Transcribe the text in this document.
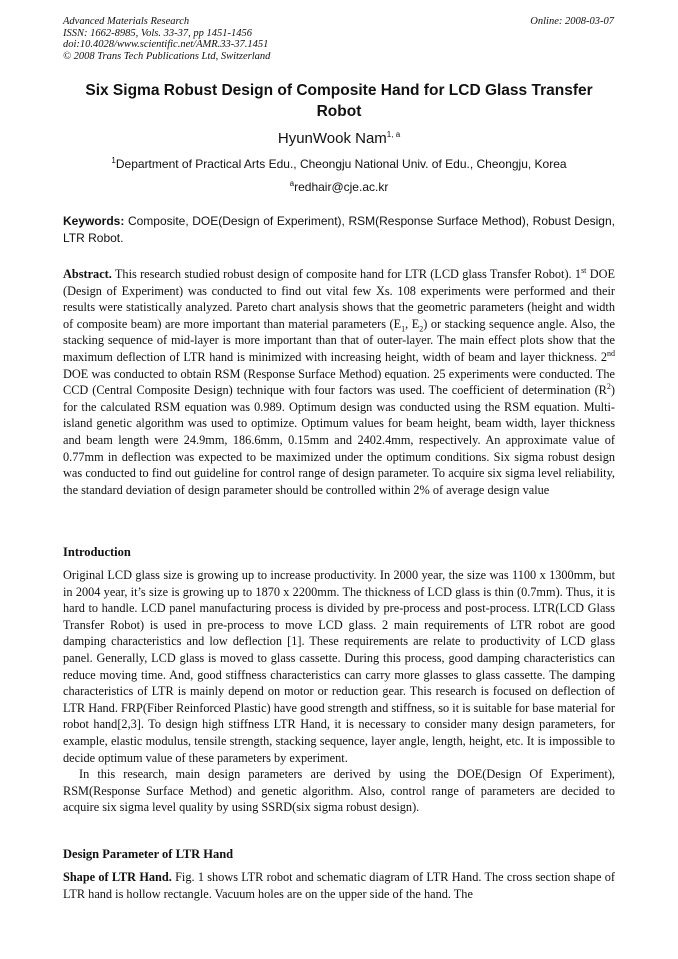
Advanced Materials Research
ISSN: 1662-8985, Vols. 33-37, pp 1451-1456
doi:10.4028/www.scientific.net/AMR.33-37.1451
© 2008 Trans Tech Publications Ltd, Switzerland
Online: 2008-03-07
Six Sigma Robust Design of Composite Hand for LCD Glass Transfer Robot
HyunWook Nam$^{1, a}$
$^1$Department of Practical Arts Edu., Cheongju National Univ. of Edu., Cheongju, Korea
$^a$redhair@cje.ac.kr
Keywords: Composite, DOE(Design of Experiment), RSM(Response Surface Method), Robust Design, LTR Robot.
Abstract. This research studied robust design of composite hand for LTR (LCD glass Transfer Robot). 1st DOE (Design of Experiment) was conducted to find out vital few Xs. 108 experiments were performed and their results were statistically analyzed. Pareto chart analysis shows that the geometric parameters (height and width of composite beam) are more important than material parameters ($E_1$, $E_2$) or stacking sequence angle. Also, the stacking sequence of mid-layer is more important than that of outer-layer. The main effect plots show that the maximum deflection of LTR hand is minimized with increasing height, width of beam and layer thickness. 2nd DOE was conducted to obtain RSM (Response Surface Method) equation. 25 experiments were conducted. The CCD (Central Composite Design) technique with four factors was used. The coefficient of determination $(R^2)$ for the calculated RSM equation was 0.989. Optimum design was conducted using the RSM equation. Multi-island genetic algorithm was used to optimize. Optimum values for beam height, beam width, layer thickness and beam length were 24.9mm, 186.6mm, 0.15mm and 2402.4mm, respectively. An approximate value of 0.77mm in deflection was expected to be maximized under the optimum conditions. Six sigma robust design was conducted to find out guideline for control range of design parameter. To acquire six sigma level reliability, the standard deviation of design parameter should be controlled within 2% of average design value
Introduction
Original LCD glass size is growing up to increase productivity. In 2000 year, the size was 1100 x 1300mm, but in 2004 year, it’s size is growing up to 1870 x 2200mm. The thickness of LCD glass is thin (0.7mm). Thus, it is hard to handle. LCD panel manufacturing process is divided by pre-process and post-process. LTR(LCD Glass Transfer Robot) is used in pre-process to move LCD glass. 2 main requirements of LTR robot are good damping characteristics and low deflection [1]. These requirements are relate to productivity of LCD glass panel. Generally, LCD glass is moved to glass cassette. During this process, good damping characteristics can reduce moving time. And, good stiffness characteristics can carry more glasses to glass cassette. The damping characteristics of LTR is mainly depend on motor or reduction gear. This research is focused on deflection of LTR Hand. FRP(Fiber Reinforced Plastic) have good strength and stiffness, so it is suitable for base material for robot hand[2,3]. To design high stiffness LTR Hand, it is necessary to consider many design parameters, for example, elastic modulus, tensile strength, stacking sequence, layer angle, length, height, etc. It is impossible to decide optimum value of these parameters by experiment.
In this research, main design parameters are derived by using the DOE(Design Of Experiment), RSM(Response Surface Method) and genetic algorithm. Also, control range of parameters are decided to acquire six sigma level quality by using SSRD(six sigma robust design).
Design Parameter of LTR Hand
Shape of LTR Hand. Fig. 1 shows LTR robot and schematic diagram of LTR Hand. The cross section shape of LTR hand is hollow rectangle. Vacuum holes are on the upper side of the hand. The
